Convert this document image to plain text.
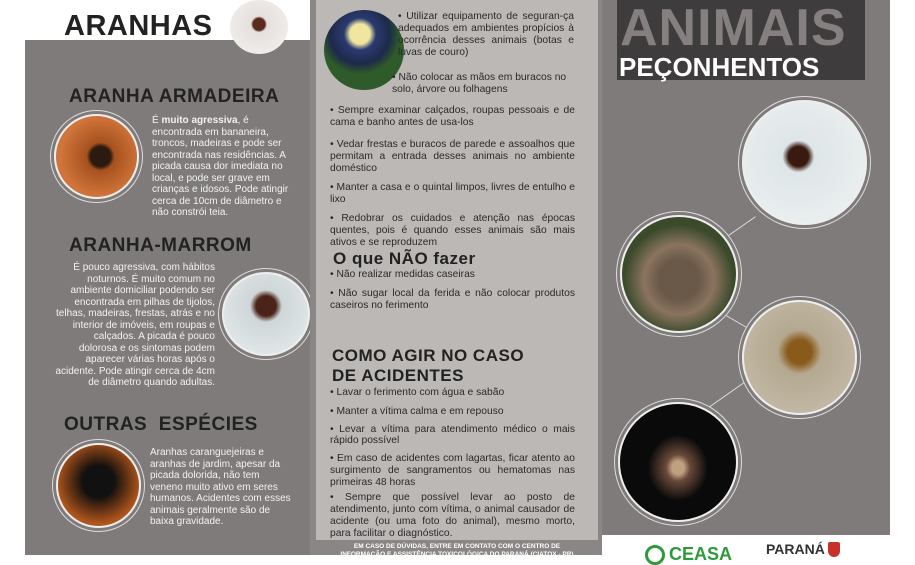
ARANHAS
ARANHA ARMADEIRA
É muito agressiva, é encontrada em bananeira, troncos, madeiras e pode ser encontrada nas residências. A picada causa dor imediata no local, e pode ser grave em crianças e idosos. Pode atingir cerca de 10cm de diâmetro e não constrói teia.
ARANHA-MARROM
É pouco agressiva, com hábitos noturnos. É muito comum no ambiente domiciliar podendo ser encontrada em pilhas de tijolos, telhas, madeiras, frestas, atrás e no interior de imóveis, em roupas e calçados. A picada é pouco dolorosa e os sintomas podem aparecer várias horas após o acidente. Pode atingir cerca de 4cm de diâmetro quando adultas.
OUTRAS  ESPÉCIES
Aranhas caranguejeiras e aranhas de jardim, apesar da picada dolorida, não tem veneno muito ativo em seres humanos. Acidentes com esses animais geralmente são de baixa gravidade.
• Utilizar equipamento de seguran-ça adequados em ambientes propícios à ocorrência desses animais (botas e luvas de couro)
• Não colocar as mãos em buracos no solo, árvore ou folhagens
• Sempre examinar calçados, roupas pessoais e de cama e banho antes de usa-los
• Vedar frestas e buracos de parede e assoalhos que permitam a entrada desses animais no ambiente doméstico
• Manter a casa e o quintal limpos, livres de entulho e lixo
• Redobrar os cuidados e atenção nas épocas quentes, pois é quando esses animais são mais ativos e se reproduzem
O que NÃO fazer
• Não realizar medidas caseiras
• Não sugar local da ferida e não colocar produtos caseiros no ferimento
COMO AGIR NO CASO
DE ACIDENTES
• Lavar o ferimento com água e sabão
• Manter a vítima calma e em repouso
• Levar a vítima para atendimento médico o mais rápido possível
• Em caso de acidentes com lagartas, ficar atento ao surgimento de sangramentos ou hematomas nas primeiras 48 horas
• Sempre que possível levar ao posto de atendimento, junto com vítima, o animal causador de acidente (ou uma foto do animal), mesmo morto, para facilitar o diagnóstico.
EM CASO DE DÚVIDAS, ENTRE EM CONTATO COM O CENTRO DE
INFORMAÇÃO E ASSISTÊNCIA TOXICOLÓGICA DO PARANÁ (CIATOX - PR)
ANIMAIS
PEÇONHENTOS
CEASA PARANÁ
